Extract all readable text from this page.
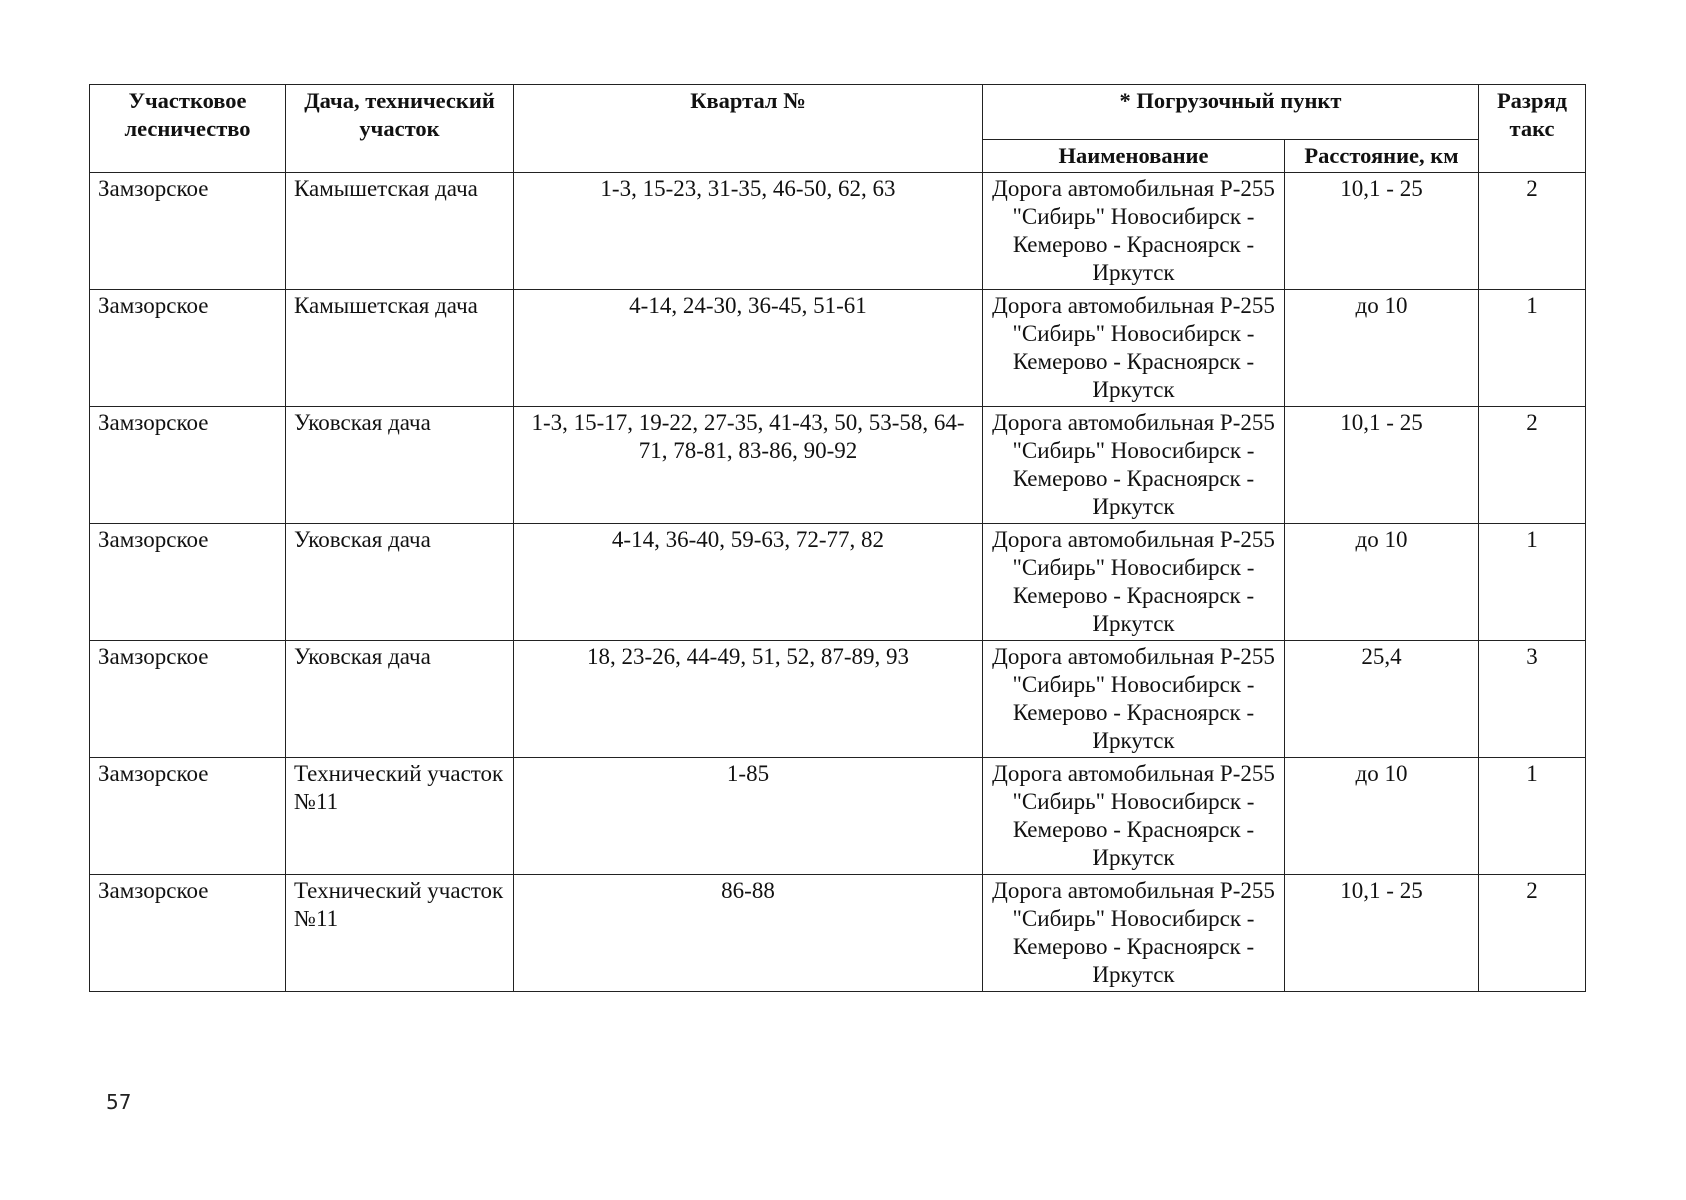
Участковое лесничество	Дача, технический участок	Квартал №	* Погрузочный пункт		Разряд такс
			Наименование	Расстояние, км	
Замзорское	Камышетская дача	1-3, 15-23, 31-35, 46-50, 62, 63	Дорога автомобильная Р-255 "Сибирь" Новосибирск - Кемерово - Красноярск - Иркутск	10,1 - 25	2
Замзорское	Камышетская дача	4-14, 24-30, 36-45, 51-61	Дорога автомобильная Р-255 "Сибирь" Новосибирск - Кемерово - Красноярск - Иркутск	до 10	1
Замзорское	Уковская дача	1-3, 15-17, 19-22, 27-35, 41-43, 50, 53-58, 64-71, 78-81, 83-86, 90-92	Дорога автомобильная Р-255 "Сибирь" Новосибирск - Кемерово - Красноярск - Иркутск	10,1 - 25	2
Замзорское	Уковская дача	4-14, 36-40, 59-63, 72-77, 82	Дорога автомобильная Р-255 "Сибирь" Новосибирск - Кемерово - Красноярск - Иркутск	до 10	1
Замзорское	Уковская дача	18, 23-26, 44-49, 51, 52, 87-89, 93	Дорога автомобильная Р-255 "Сибирь" Новосибирск - Кемерово - Красноярск - Иркутск	25,4	3
Замзорское	Технический участок №11	1-85	Дорога автомобильная Р-255 "Сибирь" Новосибирск - Кемерово - Красноярск - Иркутск	до 10	1
Замзорское	Технический участок №11	86-88	Дорога автомобильная Р-255 "Сибирь" Новосибирск - Кемерово - Красноярск - Иркутск	10,1 - 25	2
57
